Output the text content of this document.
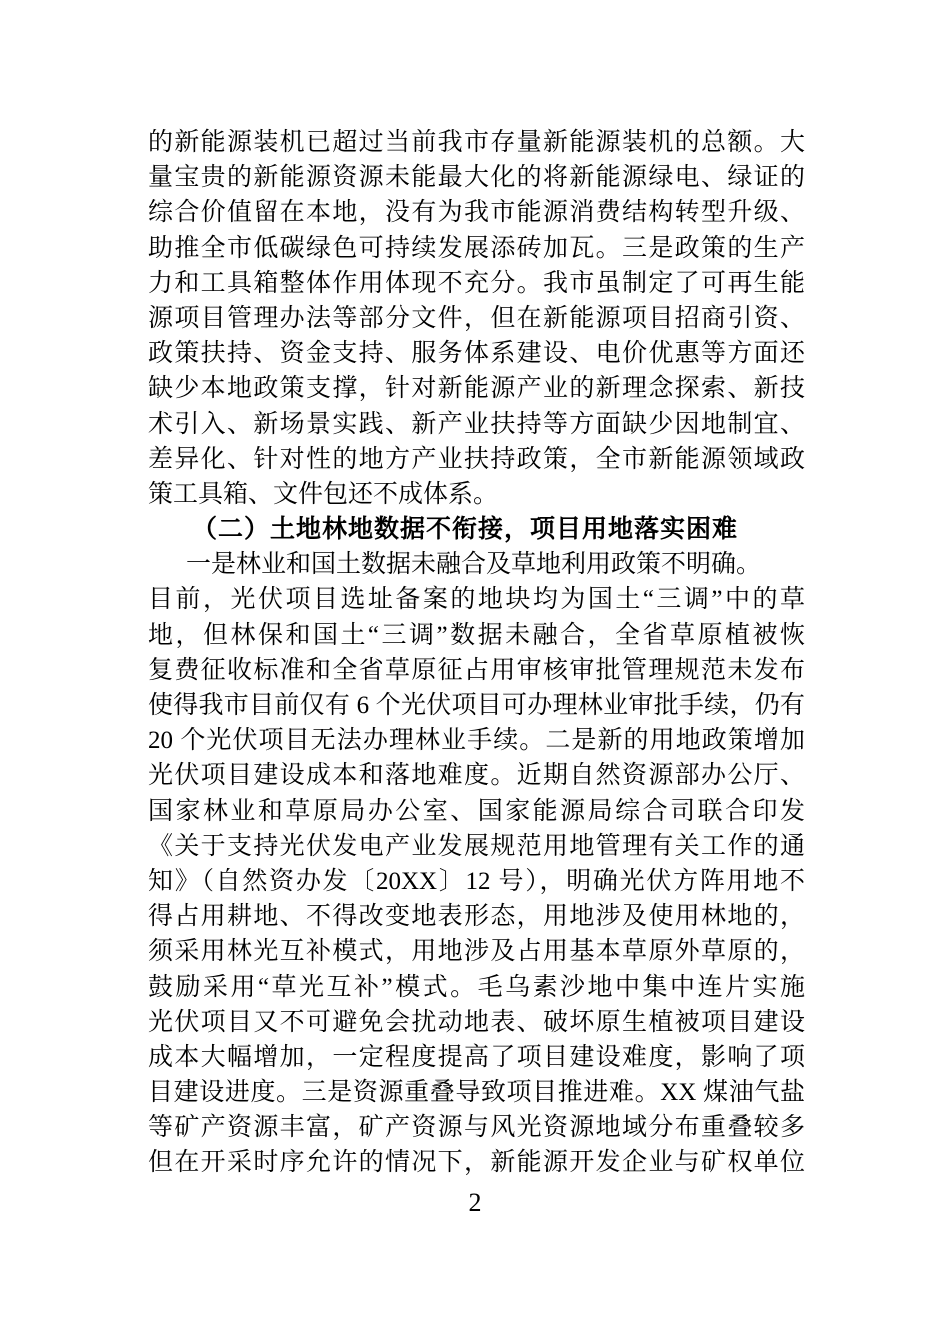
的新能源装机已超过当前我市存量新能源装机的总额。大
量宝贵的新能源资源未能最大化的将新能源绿电、绿证的
综合价值留在本地，没有为我市能源消费结构转型升级、
助推全市低碳绿色可持续发展添砖加瓦。三是政策的生产
力和工具箱整体作用体现不充分。我市虽制定了可再生能
源项目管理办法等部分文件，但在新能源项目招商引资、
政策扶持、资金支持、服务体系建设、电价优惠等方面还
缺少本地政策支撑，针对新能源产业的新理念探索、新技
术引入、新场景实践、新产业扶持等方面缺少因地制宜、
差异化、针对性的地方产业扶持政策，全市新能源领域政
策工具箱、文件包还不成体系。
（二）土地林地数据不衔接，项目用地落实困难
一是林业和国土数据未融合及草地利用政策不明确。
目前，光伏项目选址备案的地块均为国土“三调”中的草
地，但林保和国土“三调”数据未融合，全省草原植被恢
复费征收标准和全省草原征占用审核审批管理规范未发布
使得我市目前仅有 6 个光伏项目可办理林业审批手续，仍有
20 个光伏项目无法办理林业手续。二是新的用地政策增加
光伏项目建设成本和落地难度。近期自然资源部办公厅、
国家林业和草原局办公室、国家能源局综合司联合印发
《关于支持光伏发电产业发展规范用地管理有关工作的通
知》（自然资办发〔20XX〕12 号），明确光伏方阵用地不
得占用耕地、不得改变地表形态，用地涉及使用林地的，
须采用林光互补模式，用地涉及占用基本草原外草原的，
鼓励采用“草光互补”模式。毛乌素沙地中集中连片实施
光伏项目又不可避免会扰动地表、破坏原生植被项目建设
成本大幅增加，一定程度提高了项目建设难度，影响了项
目建设进度。三是资源重叠导致项目推进难。XX 煤油气盐
等矿产资源丰富，矿产资源与风光资源地域分布重叠较多
但在开采时序允许的情况下，新能源开发企业与矿权单位
2
